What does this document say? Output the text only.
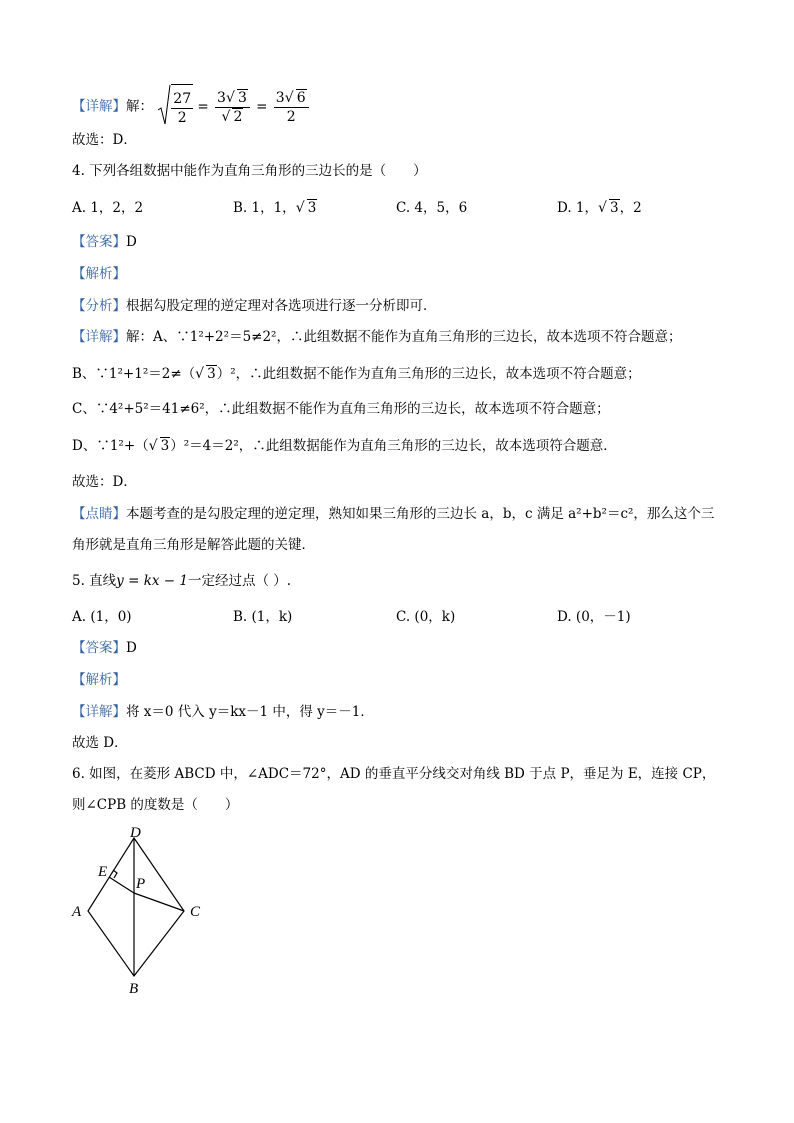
【详解】解： $\frac{27}{2} = 3√$ 3
√ $2 = \frac{3√ 6}{2}$
故选：D．
4. 下列各组数据中能作为直角三角形的三边长的是（　　）
A. 1，2，2	B. 1，1，√ 3	C. 4，5，6	D. 1，√ 3，2
【答案】D
【解析】
【分析】根据勾股定理的逆定理对各选项进行逐一分析即可．
【详解】解：A、∵1²+2²＝5≠2²，∴此组数据不能作为直角三角形的三边长，故本选项不符合题意；
B、∵1²+1²＝2≠（√ 3）²，∴此组数据不能作为直角三角形的三边长，故本选项不符合题意；
C、∵4²+5²＝41≠6²，∴此组数据不能作为直角三角形的三边长，故本选项不符合题意；
D、∵1²+（√ 3）²＝4＝2²，∴此组数据能作为直角三角形的三边长，故本选项符合题意．
故选：D．
【点睛】本题考查的是勾股定理的逆定理，熟知如果三角形的三边长 a，b，c 满足 a²+b²＝c²，那么这个三
角形就是直角三角形是解答此题的关键．
5. 直线y = kx − 1一定经过点（ ）.
A. (1，0)	B. (1，k)	C. (0，k)	D. (0，－1)
【答案】D
【解析】
【详解】将 x＝0 代入 y＝kx－1 中，得 y＝－1．
故选 D．
6. 如图，在菱形 ABCD 中，∠ADC＝72°，AD 的垂直平分线交对角线 BD 于点 P，垂足为 E，连接 CP，
则∠CPB 的度数是（　　）
D
E
P
A	C
B
